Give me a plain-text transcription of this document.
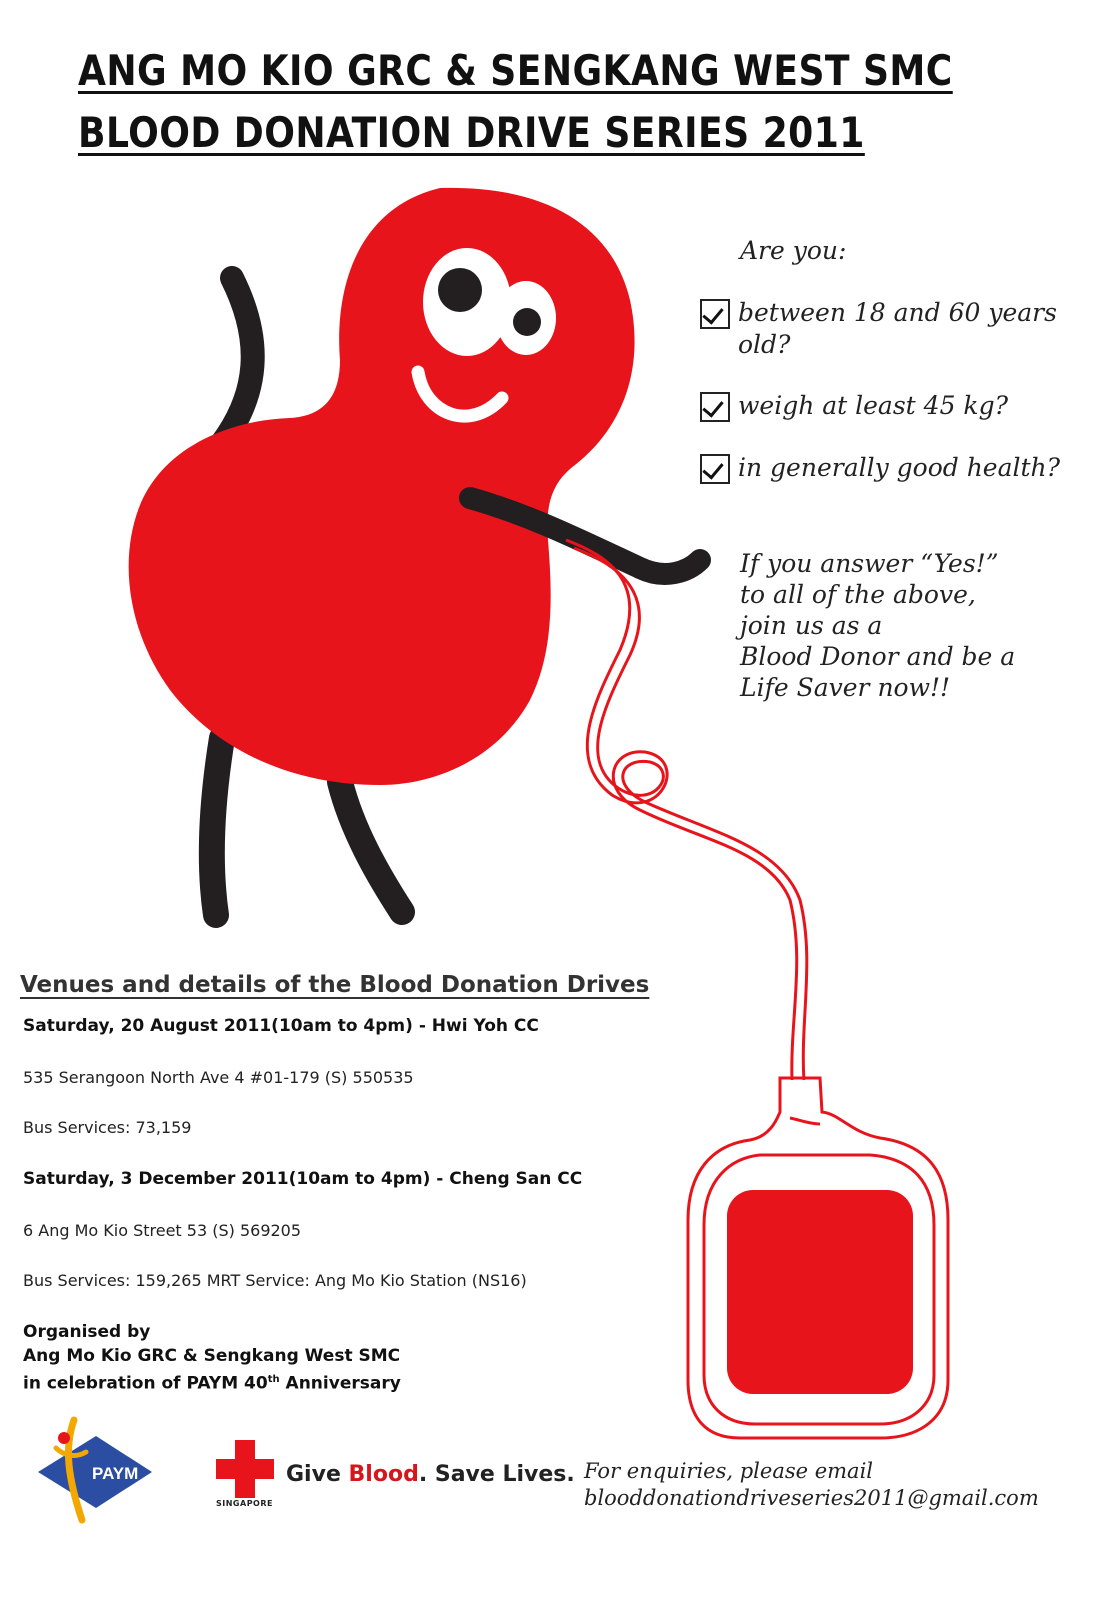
ANG MO KIO GRC & SENGKANG WEST SMC
BLOOD DONATION DRIVE SERIES 2011
Are you:
between 18 and 60 years old?
weigh at least 45 kg?
in generally good health?
If you answer “Yes!”
to all of the above,
join us as a
Blood Donor and be a
Life Saver now!!
Venues and details of the Blood Donation Drives
Saturday, 20 August 2011(10am to 4pm) - Hwi Yoh CC
535 Serangoon North Ave 4 #01-179 (S) 550535
Bus Services: 73,159
Saturday, 3 December 2011(10am to 4pm) - Cheng San CC
6 Ang Mo Kio Street 53 (S) 569205
Bus Services: 159,265 MRT Service: Ang Mo Kio Station (NS16)
Organised by
Ang Mo Kio GRC & Sengkang West SMC
in celebration of PAYM 40th Anniversary
PAYM	Give Blood. Save Lives.
SINGAPORE
For enquiries, please email
blooddonationdriveseries2011@gmail.com
